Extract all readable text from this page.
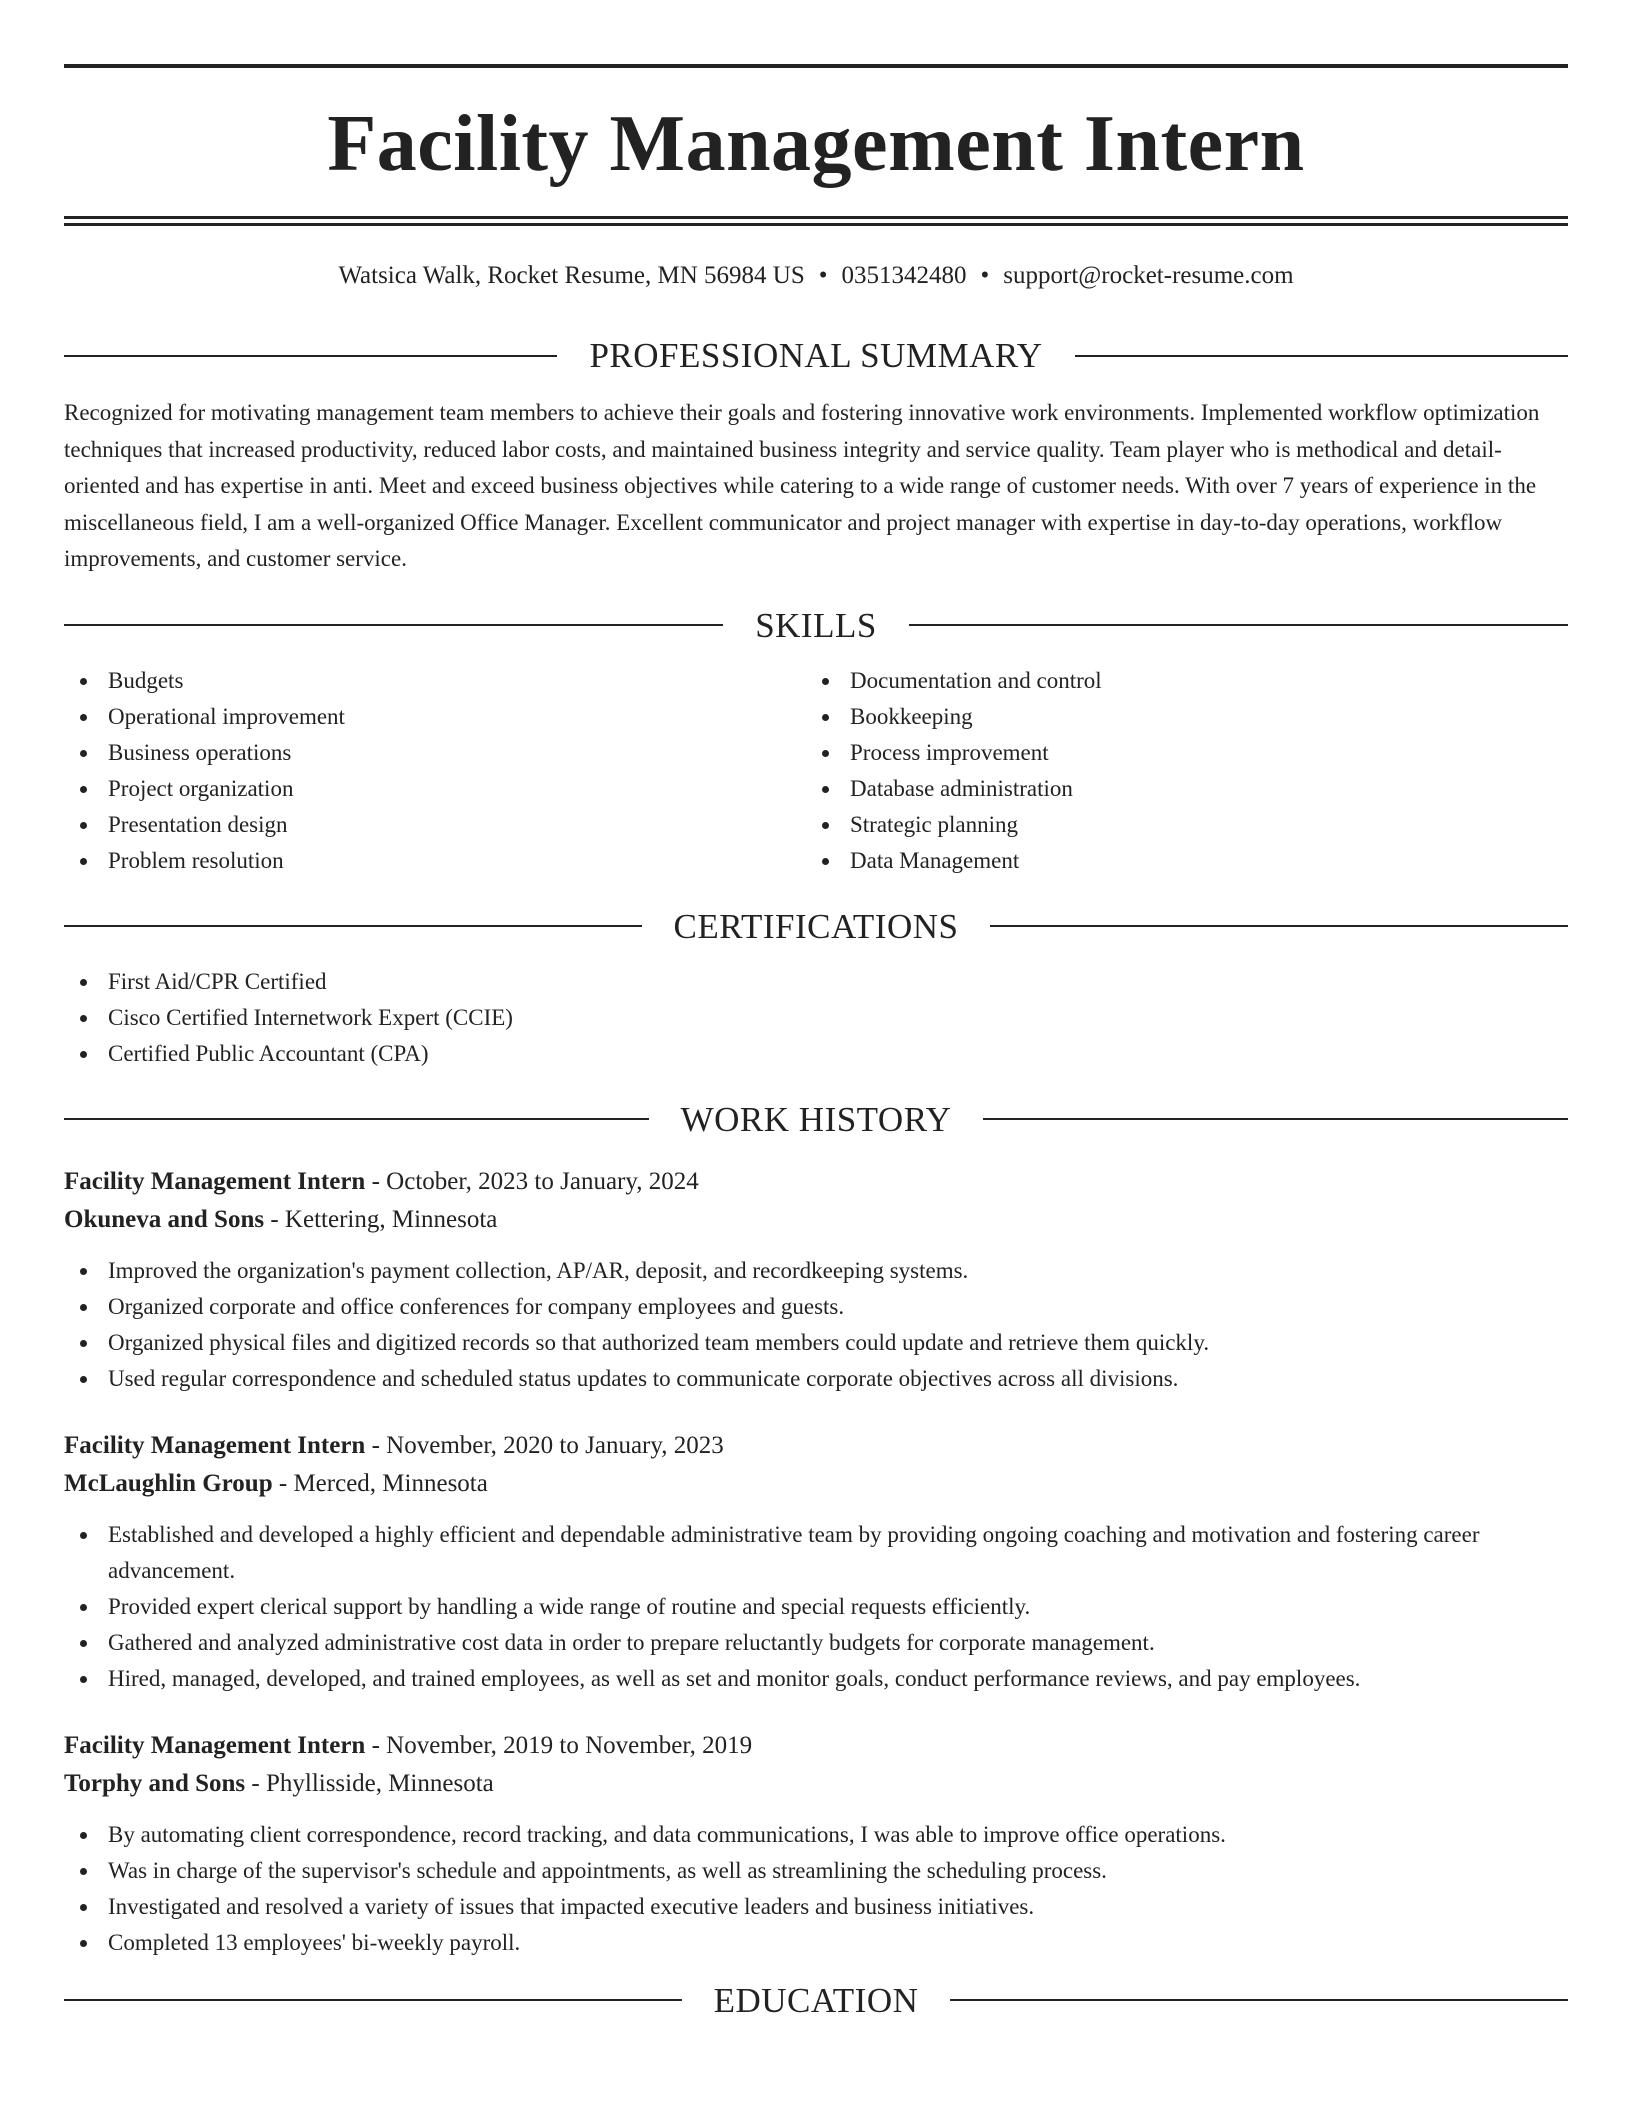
Facility Management Intern
Watsica Walk, Rocket Resume, MN 56984 US • 0351342480 • support@rocket-resume.com
PROFESSIONAL SUMMARY

Recognized for motivating management team members to achieve their goals and fostering innovative work environments. Implemented workflow optimization techniques that increased productivity, reduced labor costs, and maintained business integrity and service quality. Team player who is methodical and detail-oriented and has expertise in anti. Meet and exceed business objectives while catering to a wide range of customer needs. With over 7 years of experience in the miscellaneous field, I am a well-organized Office Manager. Excellent communicator and project manager with expertise in day-to-day operations, workflow improvements, and customer service.

SKILLS
Budgets
Operational improvement
Business operations
Project organization
Presentation design
Problem resolution
Documentation and control
Bookkeeping
Process improvement
Database administration
Strategic planning
Data Management
CERTIFICATIONS
First Aid/CPR Certified
Cisco Certified Internetwork Expert (CCIE)
Certified Public Accountant (CPA)
WORK HISTORY
Facility Management Intern - October, 2023 to January, 2024
Okuneva and Sons - Kettering, Minnesota
Improved the organization's payment collection, AP/AR, deposit, and recordkeeping systems.
Organized corporate and office conferences for company employees and guests.
Organized physical files and digitized records so that authorized team members could update and retrieve them quickly.
Used regular correspondence and scheduled status updates to communicate corporate objectives across all divisions.
Facility Management Intern - November, 2020 to January, 2023
McLaughlin Group - Merced, Minnesota
Established and developed a highly efficient and dependable administrative team by providing ongoing coaching and motivation and fostering career advancement.
Provided expert clerical support by handling a wide range of routine and special requests efficiently.
Gathered and analyzed administrative cost data in order to prepare reluctantly budgets for corporate management.
Hired, managed, developed, and trained employees, as well as set and monitor goals, conduct performance reviews, and pay employees.
Facility Management Intern - November, 2019 to November, 2019
Torphy and Sons - Phyllisside, Minnesota
By automating client correspondence, record tracking, and data communications, I was able to improve office operations.
Was in charge of the supervisor's schedule and appointments, as well as streamlining the scheduling process.
Investigated and resolved a variety of issues that impacted executive leaders and business initiatives.
Completed 13 employees' bi-weekly payroll.
EDUCATION
